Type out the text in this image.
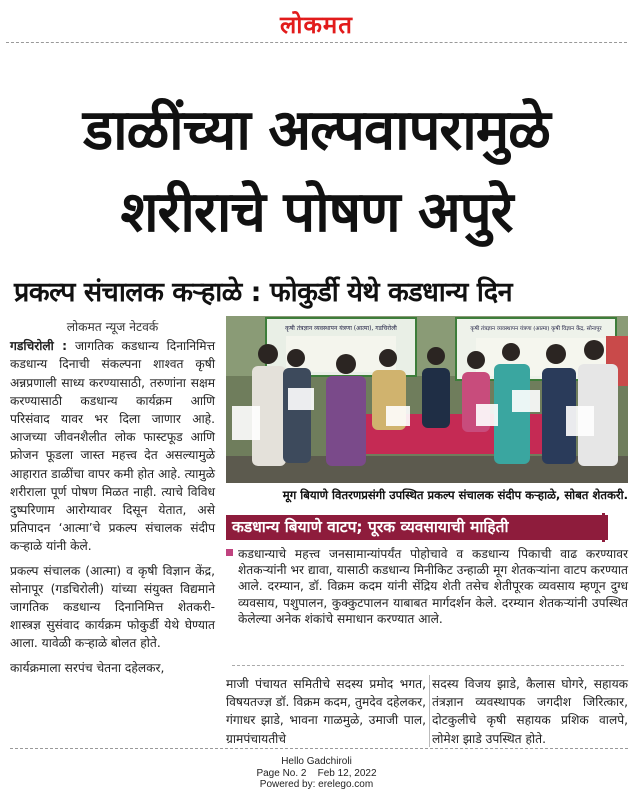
लोकमत
डाळींच्या अल्पवापरामुळे
शरीराचे पोषण अपुरे
प्रकल्प संचालक कऱ्हाळे : फोकुर्डी येथे कडधान्य दिन
लोकमत न्यूज नेटवर्क

गडचिरोली : जागतिक कडधान्य दिनानिमित्त कडधान्य दिनाची संकल्पना शाश्वत कृषी अन्नप्रणाली साध्य करण्यासाठी, तरुणांना सक्षम करण्यासाठी कडधान्य कार्यक्रम आणि परिसंवाद यावर भर दिला जाणार आहे. आजच्या जीवनशैलीत लोक फास्टफूड आणि फ्रोजन फूडला जास्त महत्त्व देत असल्यामुळे आहारात डाळींचा वापर कमी होत आहे. त्यामुळे शरीराला पूर्ण पोषण मिळत नाही. त्याचे विविध दुष्परिणाम आरोग्यावर दिसून येतात, असे प्रतिपादन ‘आत्मा’चे प्रकल्प संचालक संदीप कऱ्हाळे यांनी केले.

प्रकल्प संचालक (आत्मा) व कृषी विज्ञान केंद्र, सोनापूर (गडचिरोली) यांच्या संयुक्त विद्यमाने जागतिक कडधान्य दिनानिमित्त शेतकरी- शास्त्रज्ञ सुसंवाद कार्यक्रम फोकुर्डी येथे घेण्यात आला. यावेळी कऱ्हाळे बोलत होते.

कार्यक्रमाला सरपंच चेतना दहेलकर,

कृषी तंत्रज्ञान व्यवस्थापन यंत्रणा (आत्मा), गडचिरोली	कृषी तंत्रज्ञान व्यवस्थापन यंत्रणा (आत्मा) कृषी विज्ञान केंद्र, सोनापूर
मूग बियाणे वितरणप्रसंगी उपस्थित प्रकल्प संचालक संदीप कऱ्हाळे, सोबत शेतकरी.
कडधान्य बियाणे वाटप; पूरक व्यवसायाची माहिती

कडधान्याचे महत्त्व जनसामान्यांपर्यंत पोहोचावे व कडधान्य पिकाची वाढ करण्यावर शेतकऱ्यांनी भर द्यावा, यासाठी कडधान्य मिनीकिट उन्हाळी मूग शेतकऱ्यांना वाटप करण्यात आले. दरम्यान, डॉ. विक्रम कदम यांनी सेंद्रिय शेती तसेच शेतीपूरक व्यवसाय म्हणून दुग्ध व्यवसाय, पशुपालन, कुक्कुटपालन याबाबत मार्गदर्शन केले. दरम्यान शेतकऱ्यांनी उपस्थित केलेल्या अनेक शंकांचे समाधान करण्यात आले.

माजी पंचायत समितीचे सदस्य प्रमोद भगत, विषयतज्ज्ञ डॉ. विक्रम कदम, तुमदेव दहेलकर, गंगाधर झाडे, भावना गाळमुळे, उमाजी पाल, ग्रामपंचायतीचे
सदस्य विजय झाडे, कैलास घोगरे, सहायक तंत्रज्ञान व्यवस्थापक जगदीश जिरित्कार, दोटकुलीचे कृषी सहायक प्रशिक वालपे, लोमेश झाडे उपस्थित होते.
Hello Gadchiroli
Page No. 2    Feb 12, 2022
Powered by: erelego.com
